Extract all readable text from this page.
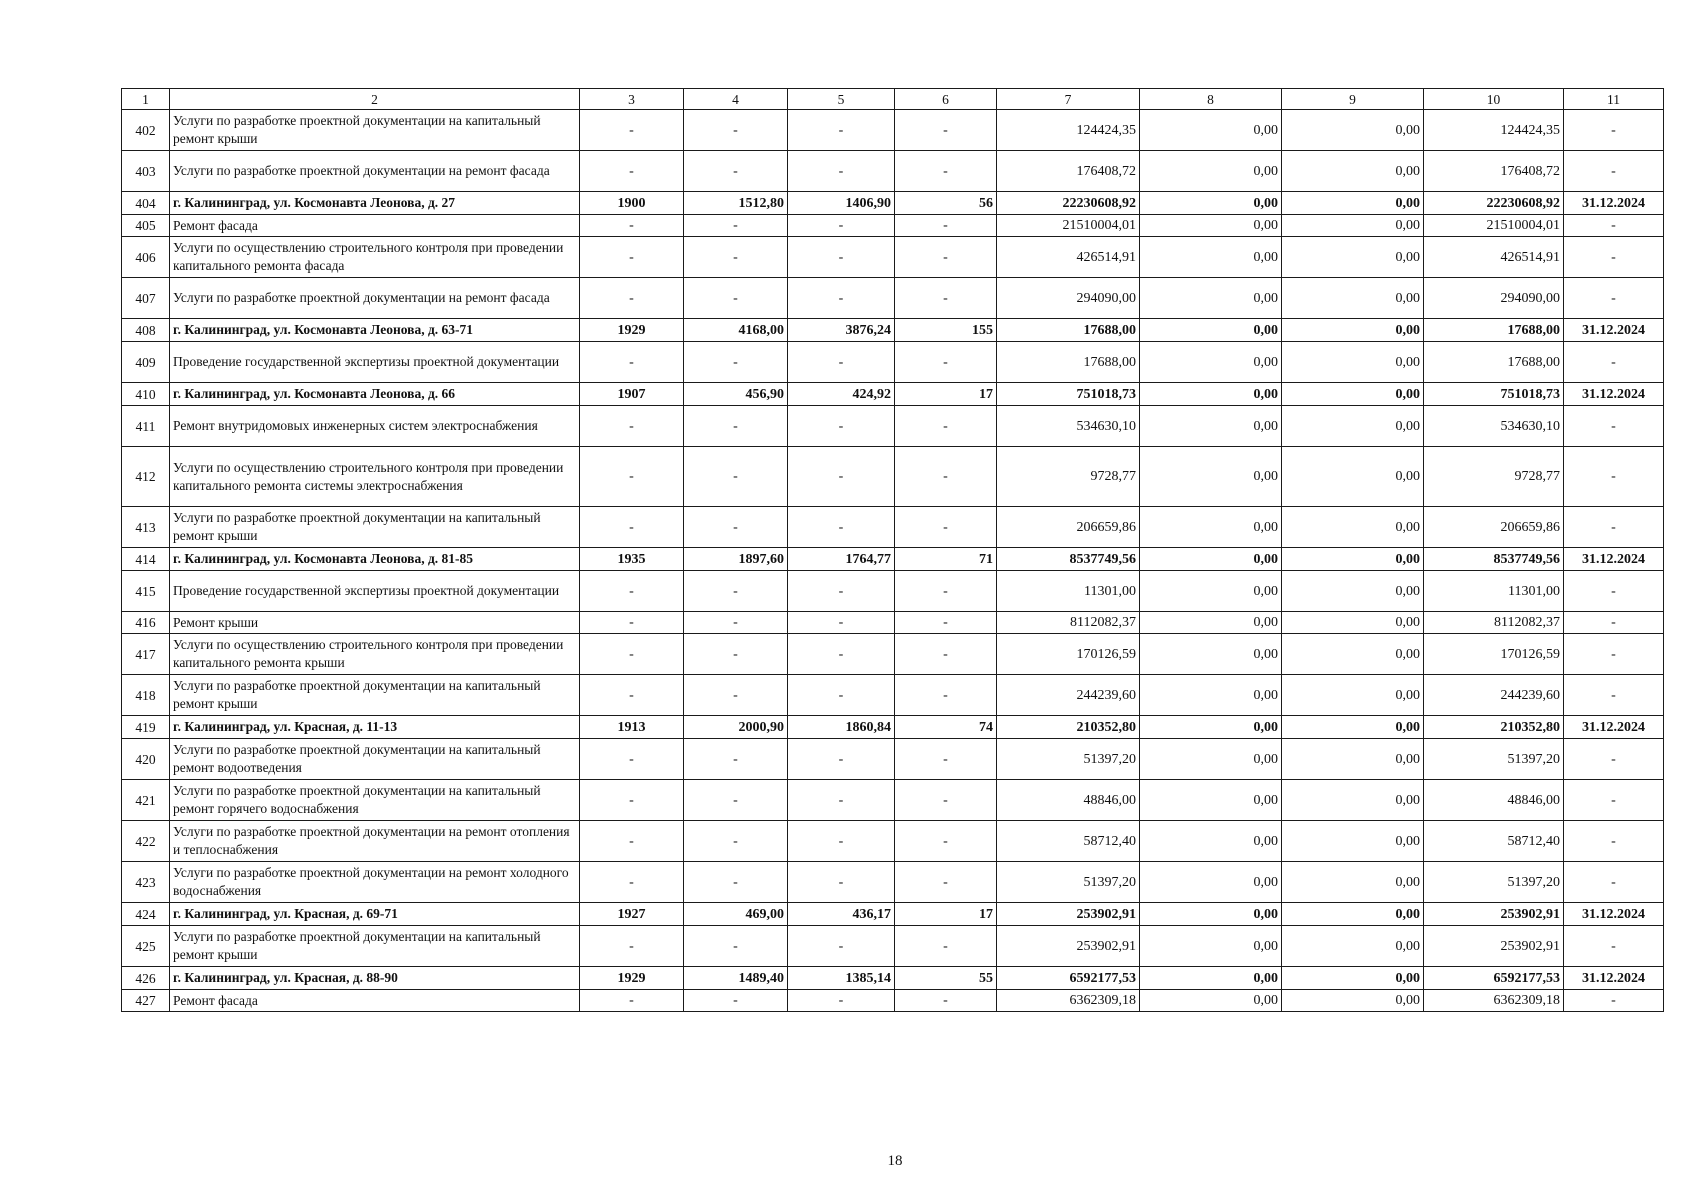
1	2	3	4	5	6	7	8	9	10	11
402	Услуги по разработке проектной документации на капитальный ремонт крыши	-	-	-	-	124424,35	0,00	0,00	124424,35	-
403	Услуги по разработке проектной документации на ремонт фасада	-	-	-	-	176408,72	0,00	0,00	176408,72	-
404	г. Калининград, ул. Космонавта Леонова, д. 27	1900	1512,80	1406,90	56	22230608,92	0,00	0,00	22230608,92	31.12.2024
405	Ремонт фасада	-	-	-	-	21510004,01	0,00	0,00	21510004,01	-
406	Услуги по осуществлению строительного контроля при проведении капитального ремонта фасада	-	-	-	-	426514,91	0,00	0,00	426514,91	-
407	Услуги по разработке проектной документации на ремонт фасада	-	-	-	-	294090,00	0,00	0,00	294090,00	-
408	г. Калининград, ул. Космонавта Леонова, д. 63-71	1929	4168,00	3876,24	155	17688,00	0,00	0,00	17688,00	31.12.2024
409	Проведение государственной экспертизы проектной документации	-	-	-	-	17688,00	0,00	0,00	17688,00	-
410	г. Калининград, ул. Космонавта Леонова, д. 66	1907	456,90	424,92	17	751018,73	0,00	0,00	751018,73	31.12.2024
411	Ремонт внутридомовых инженерных систем электроснабжения	-	-	-	-	534630,10	0,00	0,00	534630,10	-
412	Услуги по осуществлению строительного контроля при проведении капитального ремонта системы электроснабжения	-	-	-	-	9728,77	0,00	0,00	9728,77	-
413	Услуги по разработке проектной документации на капитальный ремонт крыши	-	-	-	-	206659,86	0,00	0,00	206659,86	-
414	г. Калининград, ул. Космонавта Леонова, д. 81-85	1935	1897,60	1764,77	71	8537749,56	0,00	0,00	8537749,56	31.12.2024
415	Проведение государственной экспертизы проектной документации	-	-	-	-	11301,00	0,00	0,00	11301,00	-
416	Ремонт крыши	-	-	-	-	8112082,37	0,00	0,00	8112082,37	-
417	Услуги по осуществлению строительного контроля при проведении капитального ремонта крыши	-	-	-	-	170126,59	0,00	0,00	170126,59	-
418	Услуги по разработке проектной документации на капитальный ремонт крыши	-	-	-	-	244239,60	0,00	0,00	244239,60	-
419	г. Калининград, ул. Красная, д. 11-13	1913	2000,90	1860,84	74	210352,80	0,00	0,00	210352,80	31.12.2024
420	Услуги по разработке проектной документации на капитальный ремонт водоотведения	-	-	-	-	51397,20	0,00	0,00	51397,20	-
421	Услуги по разработке проектной документации на капитальный ремонт горячего водоснабжения	-	-	-	-	48846,00	0,00	0,00	48846,00	-
422	Услуги по разработке проектной документации на ремонт отопления и теплоснабжения	-	-	-	-	58712,40	0,00	0,00	58712,40	-
423	Услуги по разработке проектной документации на ремонт холодного водоснабжения	-	-	-	-	51397,20	0,00	0,00	51397,20	-
424	г. Калининград, ул. Красная, д. 69-71	1927	469,00	436,17	17	253902,91	0,00	0,00	253902,91	31.12.2024
425	Услуги по разработке проектной документации на капитальный ремонт крыши	-	-	-	-	253902,91	0,00	0,00	253902,91	-
426	г. Калининград, ул. Красная, д. 88-90	1929	1489,40	1385,14	55	6592177,53	0,00	0,00	6592177,53	31.12.2024
427	Ремонт фасада	-	-	-	-	6362309,18	0,00	0,00	6362309,18	-
18
